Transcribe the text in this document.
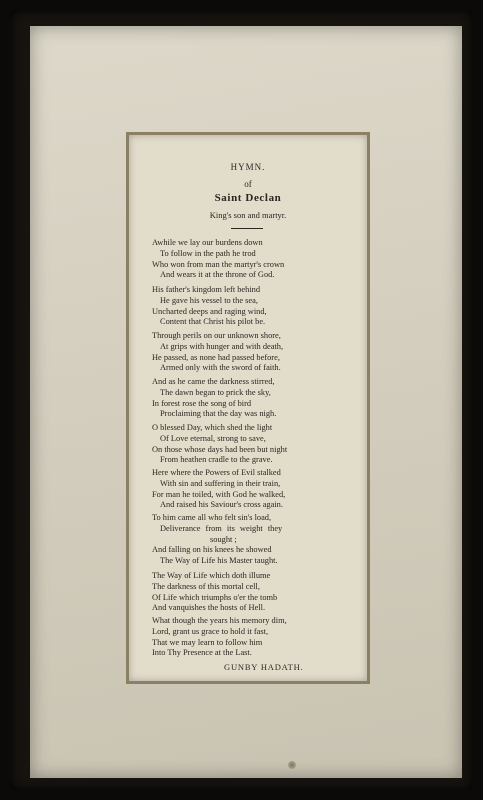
HYMN.
of
Saint Declan
King's son and martyr.
Awhile we lay our burdens down
To follow in the path he trod
Who won from man the martyr's crown
And wears it at the throne of God.
His father's kingdom left behind
He gave his vessel to the sea,
Uncharted deeps and raging wind,
Content that Christ his pilot be.
Through perils on our unknown shore,
At grips with hunger and with death,
He passed, as none had passed before,
Armed only with the sword of faith.
And as he came the darkness stirred,
The dawn began to prick the sky,
In forest rose the song of bird
Proclaiming that the day was nigh.
O blessed Day, which shed the light
Of Love eternal, strong to save,
On those whose days had been but night
From heathen cradle to the grave.
Here where the Powers of Evil stalked
With sin and suffering in their train,
For man he toiled, with God he walked,
And raised his Saviour's cross again.
To him came all who felt sin's load,
Deliverance from its weight they
sought ;
And falling on his knees he showed
The Way of Life his Master taught.
The Way of Life which doth illume
The darkness of this mortal cell,
Of Life which triumphs o'er the tomb
And vanquishes the hosts of Hell.
What though the years his memory dim,
Lord, grant us grace to hold it fast,
That we may learn to follow him
Into Thy Presence at the Last.
GUNBY HADATH.
